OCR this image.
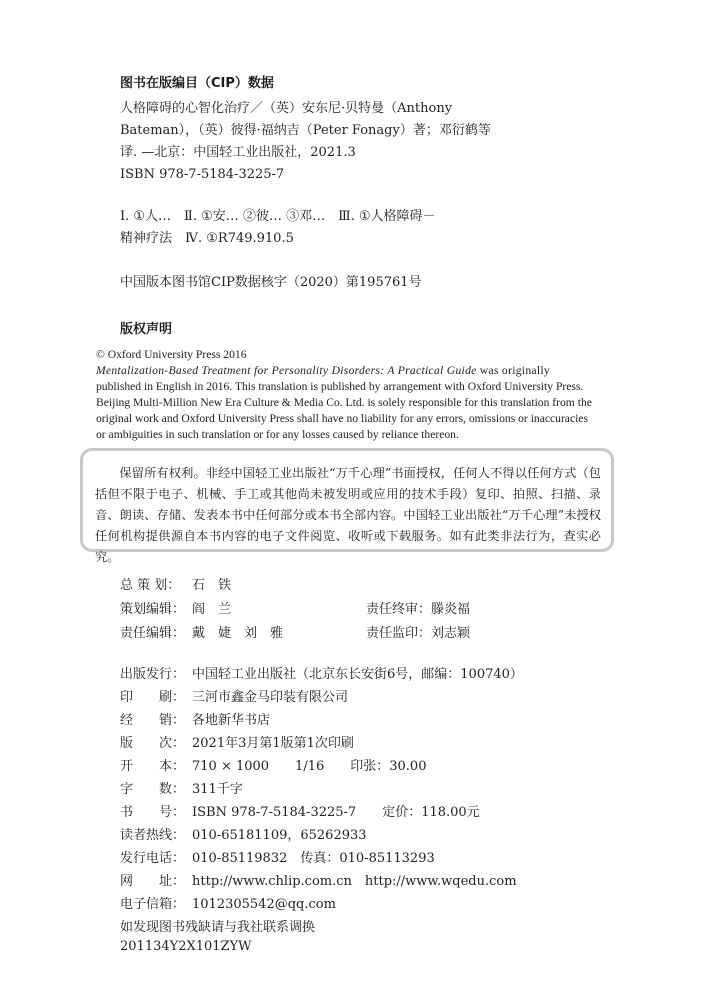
图书在版编目（CIP）数据
人格障碍的心智化治疗／（英）安东尼·贝特曼（Anthony
Bateman），（英）彼得·福纳吉（Peter Fonagy）著；邓衍鹤等
译. —北京：中国轻工业出版社，2021.3
ISBN 978-7-5184-3225-7
Ⅰ. ①人…　Ⅱ. ①安… ②彼… ③邓…　Ⅲ. ①人格障碍－
精神疗法　Ⅳ. ①R749.910.5
中国版本图书馆CIP数据核字（2020）第195761号
版权声明
© Oxford University Press 2016
Mentalization-Based Treatment for Personality Disorders: A Practical Guide was originally
published in English in 2016. This translation is published by arrangement with Oxford University Press.
Beijing Multi-Million New Era Culture & Media Co. Ltd. is solely responsible for this translation from the
original work and Oxford University Press shall have no liability for any errors, omissions or inaccuracies
or ambiguities in such translation or for any losses caused by reliance thereon.
保留所有权利。非经中国轻工业出版社“万千心理”书面授权，任何人不得以任何方式（包括但不限于电子、机械、手工或其他尚未被发明或应用的技术手段）复印、拍照、扫描、录音、朗读、存储、发表本书中任何部分或本书全部内容。中国轻工业出版社“万千心理”未授权任何机构提供源自本书内容的电子文件阅览、收听或下载服务。如有此类非法行为，查实必究。
总 策 划： 石　铁
策划编辑： 阎　兰	责任终审：滕炎福
责任编辑： 戴　婕　刘　雅	责任监印：刘志颖
出版发行： 中国轻工业出版社（北京东长安街6号，邮编：100740）
印　　刷： 三河市鑫金马印装有限公司
经　　销： 各地新华书店
版　　次： 2021年3月第1版第1次印刷
开　　本： 710 × 1000　　1/16　　印张：30.00
字　　数： 311千字
书　　号： ISBN 978-7-5184-3225-7　　定价：118.00元
读者热线： 010-65181109，65262933
发行电话： 010-85119832　传真：010-85113293
网　　址： http://www.chlip.com.cn　http://www.wqedu.com
电子信箱： 1012305542@qq.com
如发现图书残缺请与我社联系调换
201134Y2X101ZYW
